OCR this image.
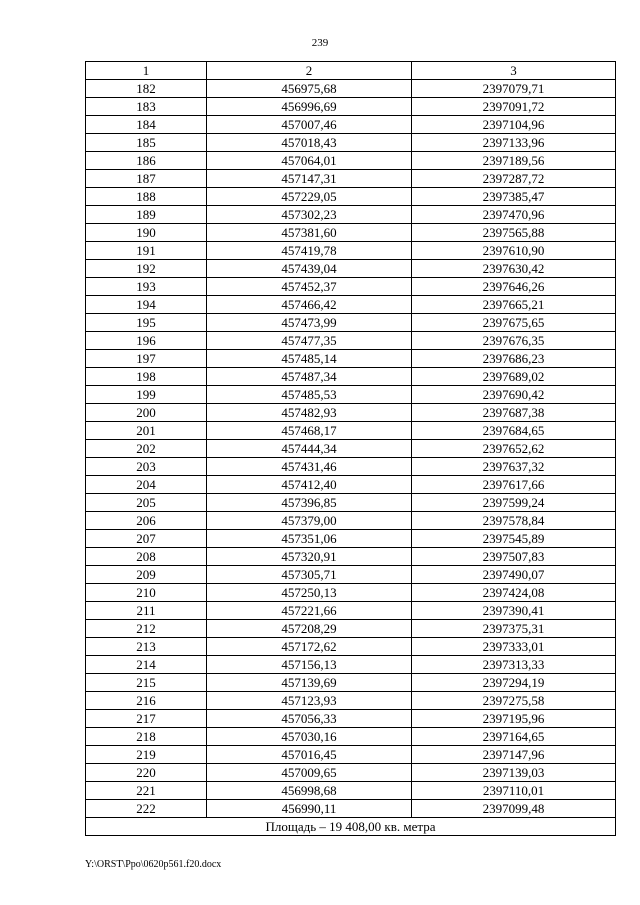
239
1	2	3
182	456975,68	2397079,71
183	456996,69	2397091,72
184	457007,46	2397104,96
185	457018,43	2397133,96
186	457064,01	2397189,56
187	457147,31	2397287,72
188	457229,05	2397385,47
189	457302,23	2397470,96
190	457381,60	2397565,88
191	457419,78	2397610,90
192	457439,04	2397630,42
193	457452,37	2397646,26
194	457466,42	2397665,21
195	457473,99	2397675,65
196	457477,35	2397676,35
197	457485,14	2397686,23
198	457487,34	2397689,02
199	457485,53	2397690,42
200	457482,93	2397687,38
201	457468,17	2397684,65
202	457444,34	2397652,62
203	457431,46	2397637,32
204	457412,40	2397617,66
205	457396,85	2397599,24
206	457379,00	2397578,84
207	457351,06	2397545,89
208	457320,91	2397507,83
209	457305,71	2397490,07
210	457250,13	2397424,08
211	457221,66	2397390,41
212	457208,29	2397375,31
213	457172,62	2397333,01
214	457156,13	2397313,33
215	457139,69	2397294,19
216	457123,93	2397275,58
217	457056,33	2397195,96
218	457030,16	2397164,65
219	457016,45	2397147,96
220	457009,65	2397139,03
221	456998,68	2397110,01
222	456990,11	2397099,48
Площадь – 19 408,00 кв. метра		
Y:\ORST\Ppo\0620p561.f20.docx
